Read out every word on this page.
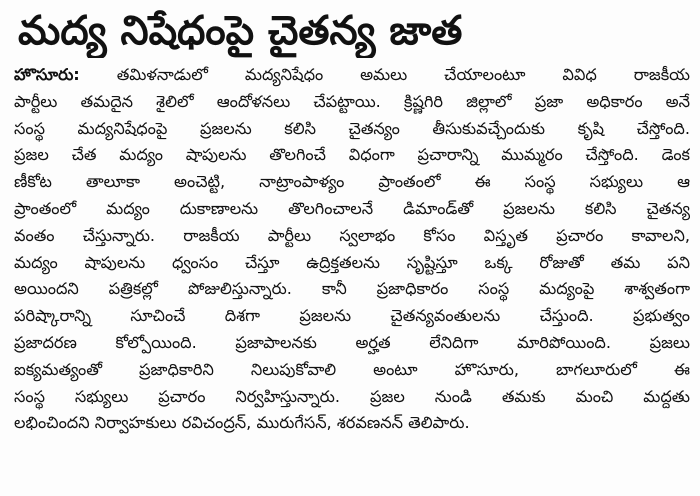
మద్య నిషేధంపై చైతన్య జాత
హొసూరు: తమిళనాడులో మద్యనిషేధం అమలు చేయాలంటూ వివిధ రాజకీయ
పార్టీలు తమదైన శైలిలో ఆందోళనలు చేపట్టాయి. క్రిష్ణగిరి జిల్లాలో ప్రజా అధికారం అనే
సంస్థ మద్యనిషేధంపై ప్రజలను కలిసి చైతన్యం తీసుకువచ్చేందుకు కృషి చేస్తోంది.
ప్రజల చేత మద్యం షాపులను తొలగించే విధంగా ప్రచారాన్ని ముమ్మరం చేస్తోంది. డెంక
ణీకోట తాలూకా అంచెట్టి, నాట్రాంపాళ్యం ప్రాంతంలో ఈ సంస్థ సభ్యులు ఆ
ప్రాంతంలో మద్యం దుకాణాలను తొలగించాలనే డిమాండ్‌తో ప్రజలను కలిసి చైతన్య
వంతం చేస్తున్నారు. రాజకీయ పార్టీలు స్వలాభం కోసం విస్తృత ప్రచారం కావాలని,
మద్యం షాపులను ధ్వంసం చేస్తూ ఉద్రిక్తతలను సృష్టిస్తూ ఒక్క రోజుతో తమ పని
అయిందని పత్రికల్లో పోజులిస్తున్నారు. కానీ ప్రజాధికారం సంస్థ మద్యంపై శాశ్వతంగా
పరిష్కారాన్ని సూచించే దిశగా ప్రజలను చైతన్యవంతులను చేస్తుంది. ప్రభుత్వం
ప్రజాదరణ కోల్పోయింది. ప్రజాపాలనకు అర్హత లేనిదిగా మారిపోయింది. ప్రజలు
ఐక్యమత్యంతో ప్రజాధికారిని నిలుపుకోవాలి అంటూ హొసూరు, బాగలూరులో ఈ
సంస్థ సభ్యులు ప్రచారం నిర్వహిస్తున్నారు. ప్రజల నుండి తమకు మంచి మద్దతు
లభించిందని నిర్వాహకులు రవిచంద్రన్, మురుగేసన్, శరవణనన్ తెలిపారు.
